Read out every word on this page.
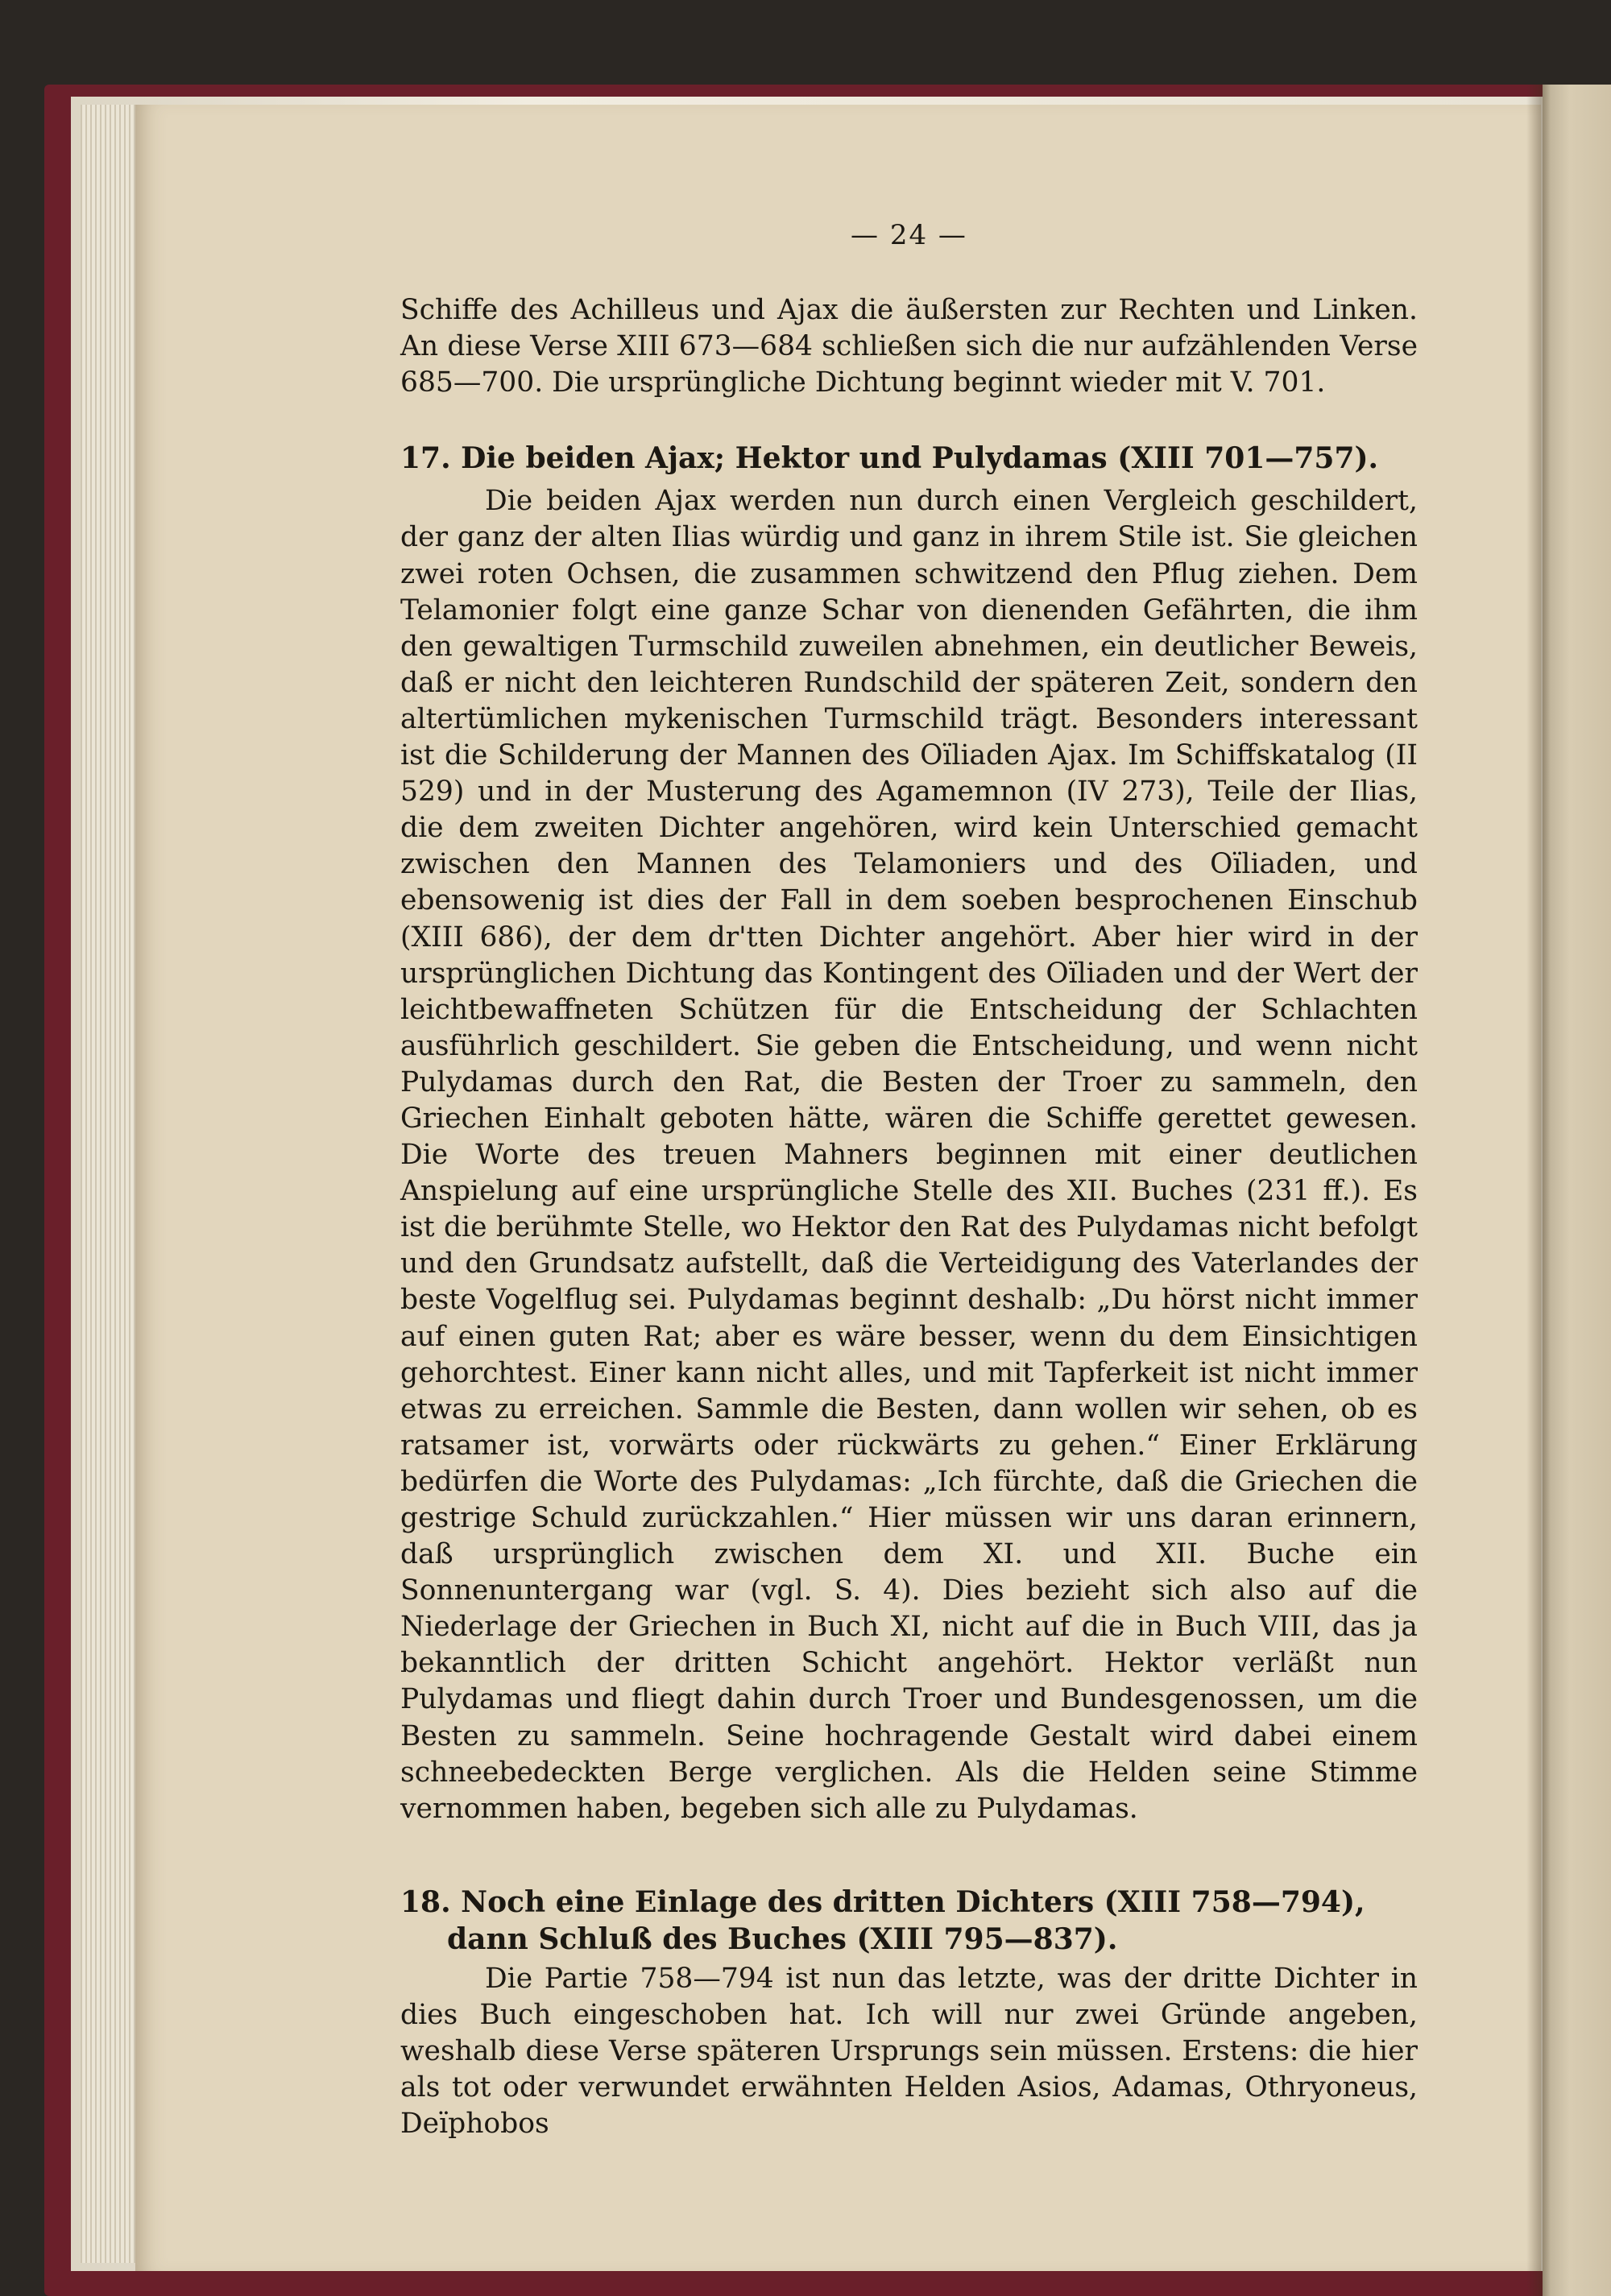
— 24 —

Schiffe des Achilleus und Ajax die äußersten zur Rechten und Linken. An diese Verse XIII 673—684 schließen sich die nur aufzählenden Verse 685—700. Die ursprüngliche Dichtung beginnt wieder mit V. 701.

17. Die beiden Ajax; Hektor und Pulydamas (XIII 701—757).

Die beiden Ajax werden nun durch einen Vergleich geschildert, der ganz der alten Ilias würdig und ganz in ihrem Stile ist. Sie gleichen zwei roten Ochsen, die zusammen schwitzend den Pflug ziehen. Dem Telamonier folgt eine ganze Schar von dienenden Gefährten, die ihm den gewaltigen Turmschild zuweilen abnehmen, ein deutlicher Beweis, daß er nicht den leichteren Rundschild der späteren Zeit, sondern den altertümlichen mykenischen Turmschild trägt. Besonders interessant ist die Schilderung der Mannen des Oïliaden Ajax. Im Schiffskatalog (II 529) und in der Musterung des Agamemnon (IV 273), Teile der Ilias, die dem zweiten Dichter angehören, wird kein Unterschied gemacht zwischen den Mannen des Telamoniers und des Oïliaden, und ebensowenig ist dies der Fall in dem soeben besprochenen Einschub (XIII 686), der dem dr'tten Dichter angehört. Aber hier wird in der ursprünglichen Dichtung das Kontingent des Oïliaden und der Wert der leichtbewaffneten Schützen für die Entscheidung der Schlachten ausführlich geschildert. Sie geben die Entscheidung, und wenn nicht Pulydamas durch den Rat, die Besten der Troer zu sammeln, den Griechen Einhalt geboten hätte, wären die Schiffe gerettet gewesen. Die Worte des treuen Mahners beginnen mit einer deutlichen Anspielung auf eine ursprüngliche Stelle des XII. Buches (231 ff.). Es ist die berühmte Stelle, wo Hektor den Rat des Pulydamas nicht befolgt und den Grundsatz aufstellt, daß die Verteidigung des Vaterlandes der beste Vogelflug sei. Pulydamas beginnt deshalb: „Du hörst nicht immer auf einen guten Rat; aber es wäre besser, wenn du dem Einsichtigen gehorchtest. Einer kann nicht alles, und mit Tapferkeit ist nicht immer etwas zu erreichen. Sammle die Besten, dann wollen wir sehen, ob es ratsamer ist, vorwärts oder rückwärts zu gehen.“ Einer Erklärung bedürfen die Worte des Pulydamas: „Ich fürchte, daß die Griechen die gestrige Schuld zurückzahlen.“ Hier müssen wir uns daran erinnern, daß ursprünglich zwischen dem XI. und XII. Buche ein Sonnenuntergang war (vgl. S. 4). Dies bezieht sich also auf die Niederlage der Griechen in Buch XI, nicht auf die in Buch VIII, das ja bekanntlich der dritten Schicht angehört. Hektor verläßt nun Pulydamas und fliegt dahin durch Troer und Bundesgenossen, um die Besten zu sammeln. Seine hochragende Gestalt wird dabei einem schneebedeckten Berge verglichen. Als die Helden seine Stimme vernommen haben, begeben sich alle zu Pulydamas.

18. Noch eine Einlage des dritten Dichters (XIII 758—794), dann Schluß des Buches (XIII 795—837).

Die Partie 758—794 ist nun das letzte, was der dritte Dichter in dies Buch eingeschoben hat. Ich will nur zwei Gründe angeben, weshalb diese Verse späteren Ursprungs sein müssen. Erstens: die hier als tot oder verwundet erwähnten Helden Asios, Adamas, Othryoneus, Deïphobos
